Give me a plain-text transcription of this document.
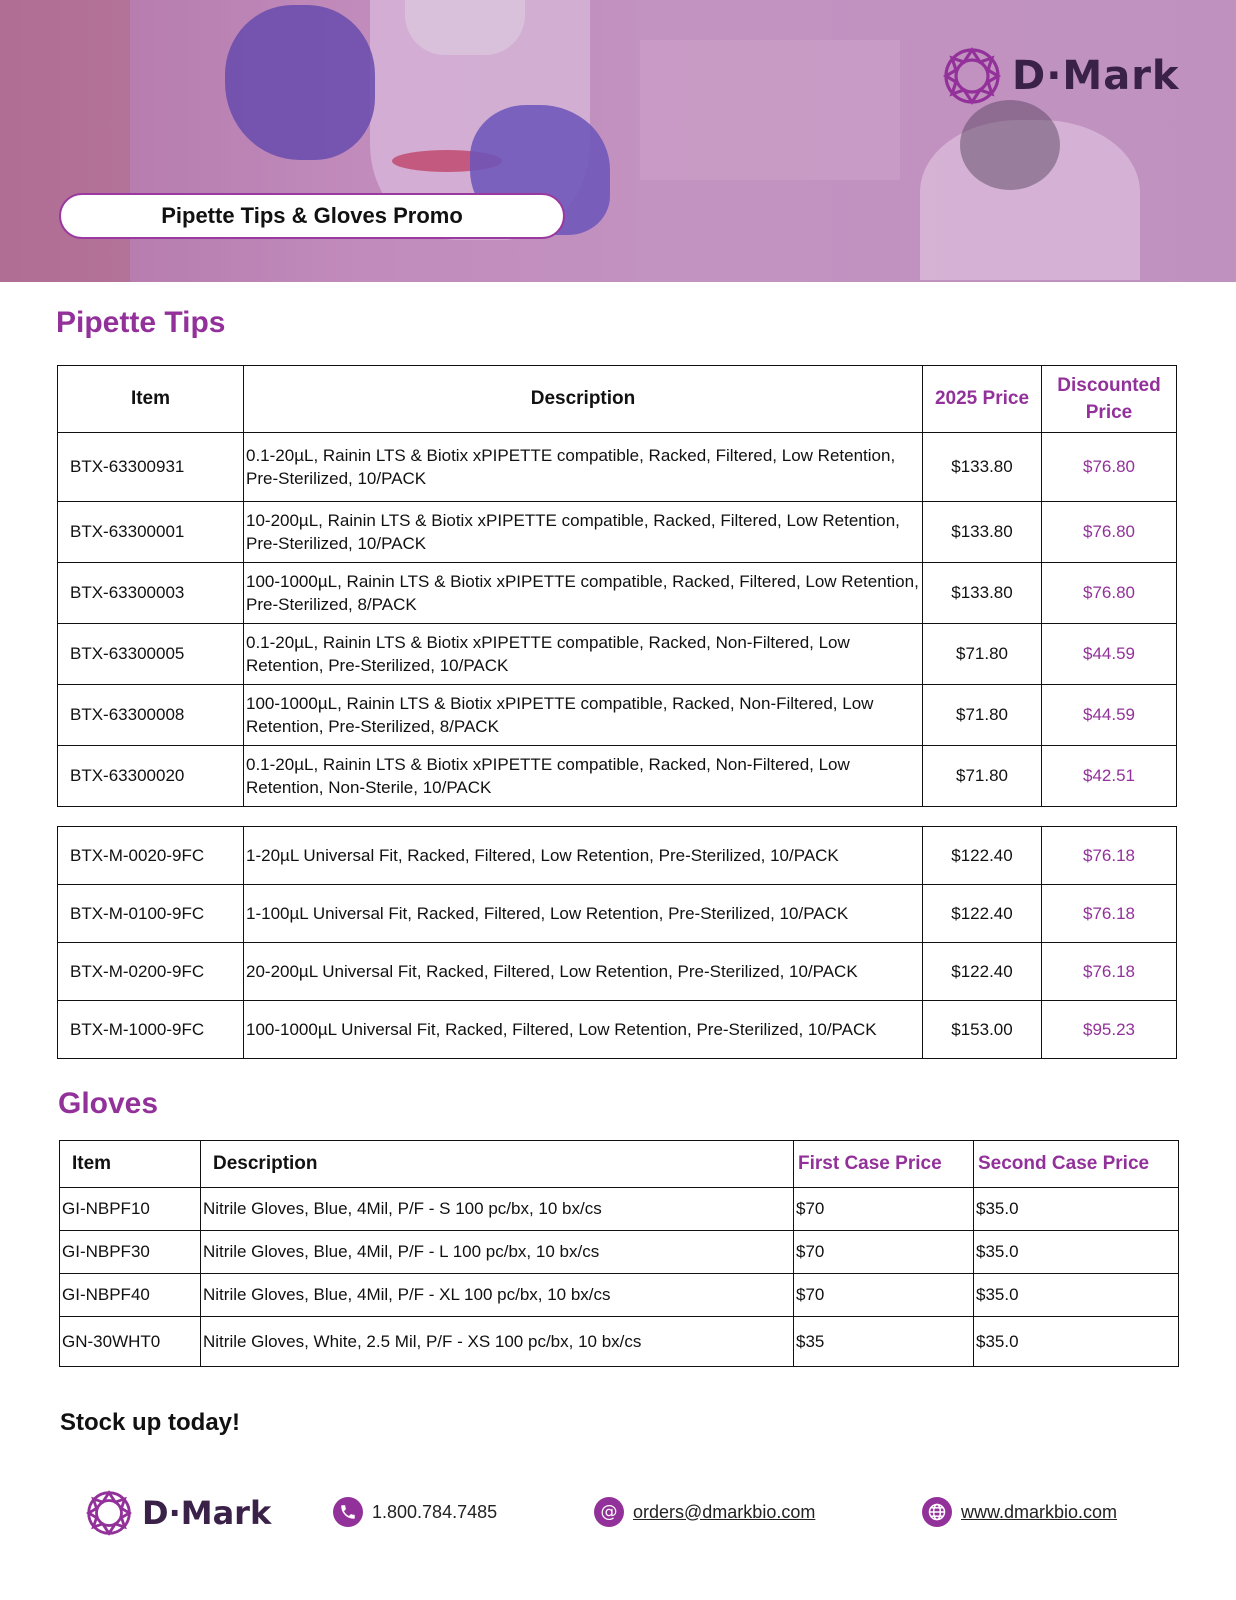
D·Mark
Pipette Tips & Gloves Promo
Pipette Tips
Item	Description	2025 Price	Discounted Price
BTX-63300931	0.1-20µL, Rainin LTS & Biotix xPIPETTE compatible, Racked, Filtered, Low Retention, Pre-Sterilized, 10/PACK	$133.80	$76.80
BTX-63300001	10-200µL, Rainin LTS & Biotix xPIPETTE compatible, Racked, Filtered, Low Retention, Pre-Sterilized, 10/PACK	$133.80	$76.80
BTX-63300003	100-1000µL, Rainin LTS & Biotix xPIPETTE compatible, Racked, Filtered, Low Retention, Pre-Sterilized, 8/PACK	$133.80	$76.80
BTX-63300005	0.1-20µL, Rainin LTS & Biotix xPIPETTE compatible, Racked, Non-Filtered, Low Retention, Pre-Sterilized, 10/PACK	$71.80	$44.59
BTX-63300008	100-1000µL, Rainin LTS & Biotix xPIPETTE compatible, Racked, Non-Filtered, Low Retention, Pre-Sterilized, 8/PACK	$71.80	$44.59
BTX-63300020	0.1-20µL, Rainin LTS & Biotix xPIPETTE compatible, Racked, Non-Filtered, Low Retention, Non-Sterile, 10/PACK	$71.80	$42.51
BTX-M-0020-9FC	1-20µL Universal Fit, Racked, Filtered, Low Retention, Pre-Sterilized, 10/PACK	$122.40	$76.18
BTX-M-0100-9FC	1-100µL Universal Fit, Racked, Filtered, Low Retention, Pre-Sterilized, 10/PACK	$122.40	$76.18
BTX-M-0200-9FC	20-200µL Universal Fit, Racked, Filtered, Low Retention, Pre-Sterilized, 10/PACK	$122.40	$76.18
BTX-M-1000-9FC	100-1000µL Universal Fit, Racked, Filtered, Low Retention, Pre-Sterilized, 10/PACK	$153.00	$95.23
Gloves
Item	Description	First Case Price	Second Case Price
GI-NBPF10	Nitrile Gloves, Blue, 4Mil, P/F - S 100 pc/bx, 10 bx/cs	$70	$35.0
GI-NBPF30	Nitrile Gloves, Blue, 4Mil, P/F - L 100 pc/bx, 10 bx/cs	$70	$35.0
GI-NBPF40	Nitrile Gloves, Blue, 4Mil, P/F - XL 100 pc/bx, 10 bx/cs	$70	$35.0
GN-30WHT0	Nitrile Gloves, White, 2.5 Mil, P/F - XS 100 pc/bx, 10 bx/cs	$35	$35.0
Stock up today!
D·Mark	1.800.784.7485	@ orders@dmarkbio.com	www.dmarkbio.com
